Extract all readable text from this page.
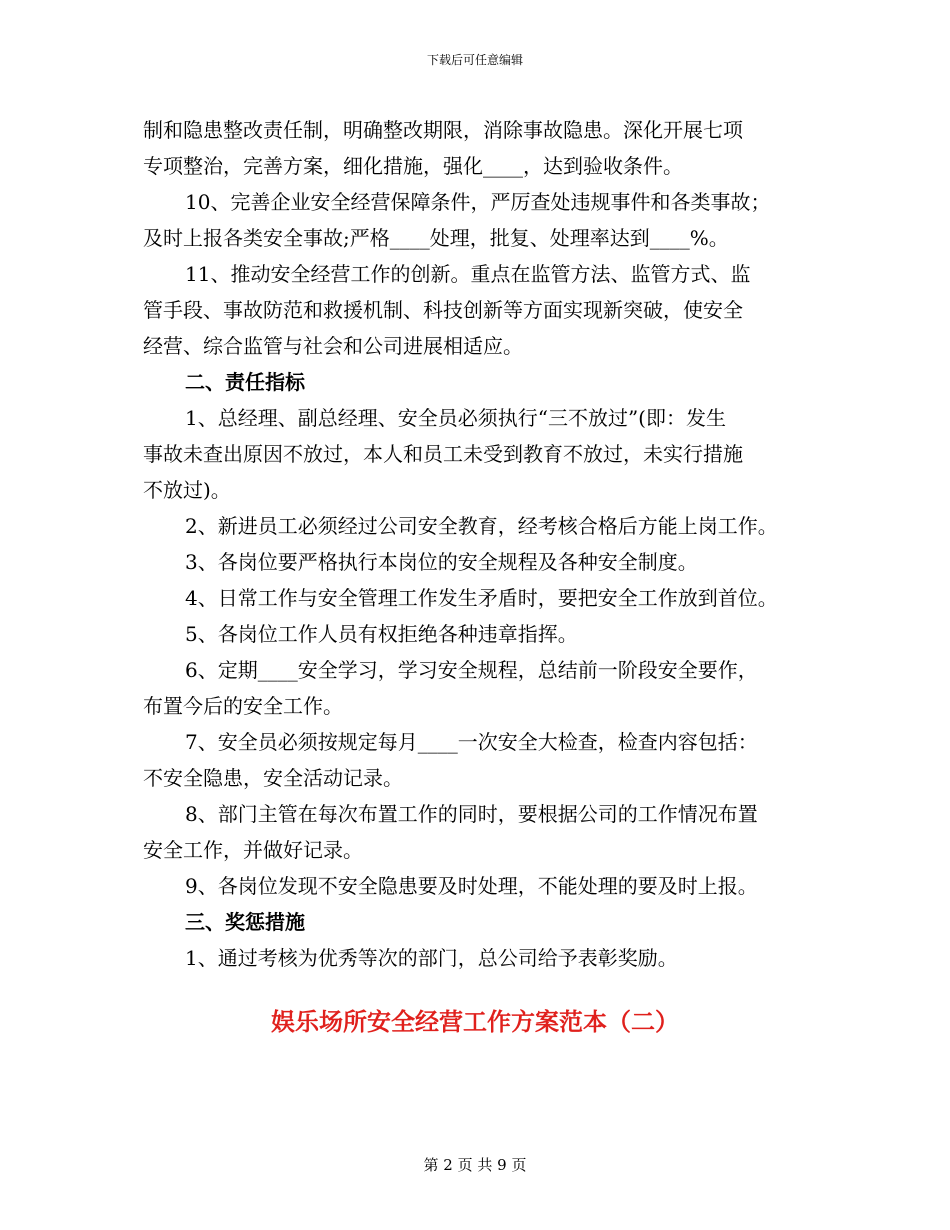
下载后可任意编辑

制和隐患整改责任制，明确整改期限，消除事故隐患。深化开展七项
专项整治，完善方案，细化措施，强化____，达到验收条件。

10、完善企业安全经营保障条件，严厉查处违规事件和各类事故；
及时上报各类安全事故;严格____处理，批复、处理率达到____%。

11、推动安全经营工作的创新。重点在监管方法、监管方式、监
管手段、事故防范和救援机制、科技创新等方面实现新突破，使安全
经营、综合监管与社会和公司进展相适应。

二、责任指标

1、总经理、副总经理、安全员必须执行“三不放过”(即：发生
事故未查出原因不放过，本人和员工未受到教育不放过，未实行措施
不放过)。

2、新进员工必须经过公司安全教育，经考核合格后方能上岗工作。

3、各岗位要严格执行本岗位的安全规程及各种安全制度。

4、日常工作与安全管理工作发生矛盾时，要把安全工作放到首位。

5、各岗位工作人员有权拒绝各种违章指挥。

6、定期____安全学习，学习安全规程，总结前一阶段安全要作，
布置今后的安全工作。

7、安全员必须按规定每月____一次安全大检查，检查内容包括：
不安全隐患，安全活动记录。

8、部门主管在每次布置工作的同时，要根据公司的工作情况布置
安全工作，并做好记录。

9、各岗位发现不安全隐患要及时处理，不能处理的要及时上报。

三、奖惩措施

1、通过考核为优秀等次的部门，总公司给予表彰奖励。

娱乐场所安全经营工作方案范本（二）
第 2 页 共 9 页
